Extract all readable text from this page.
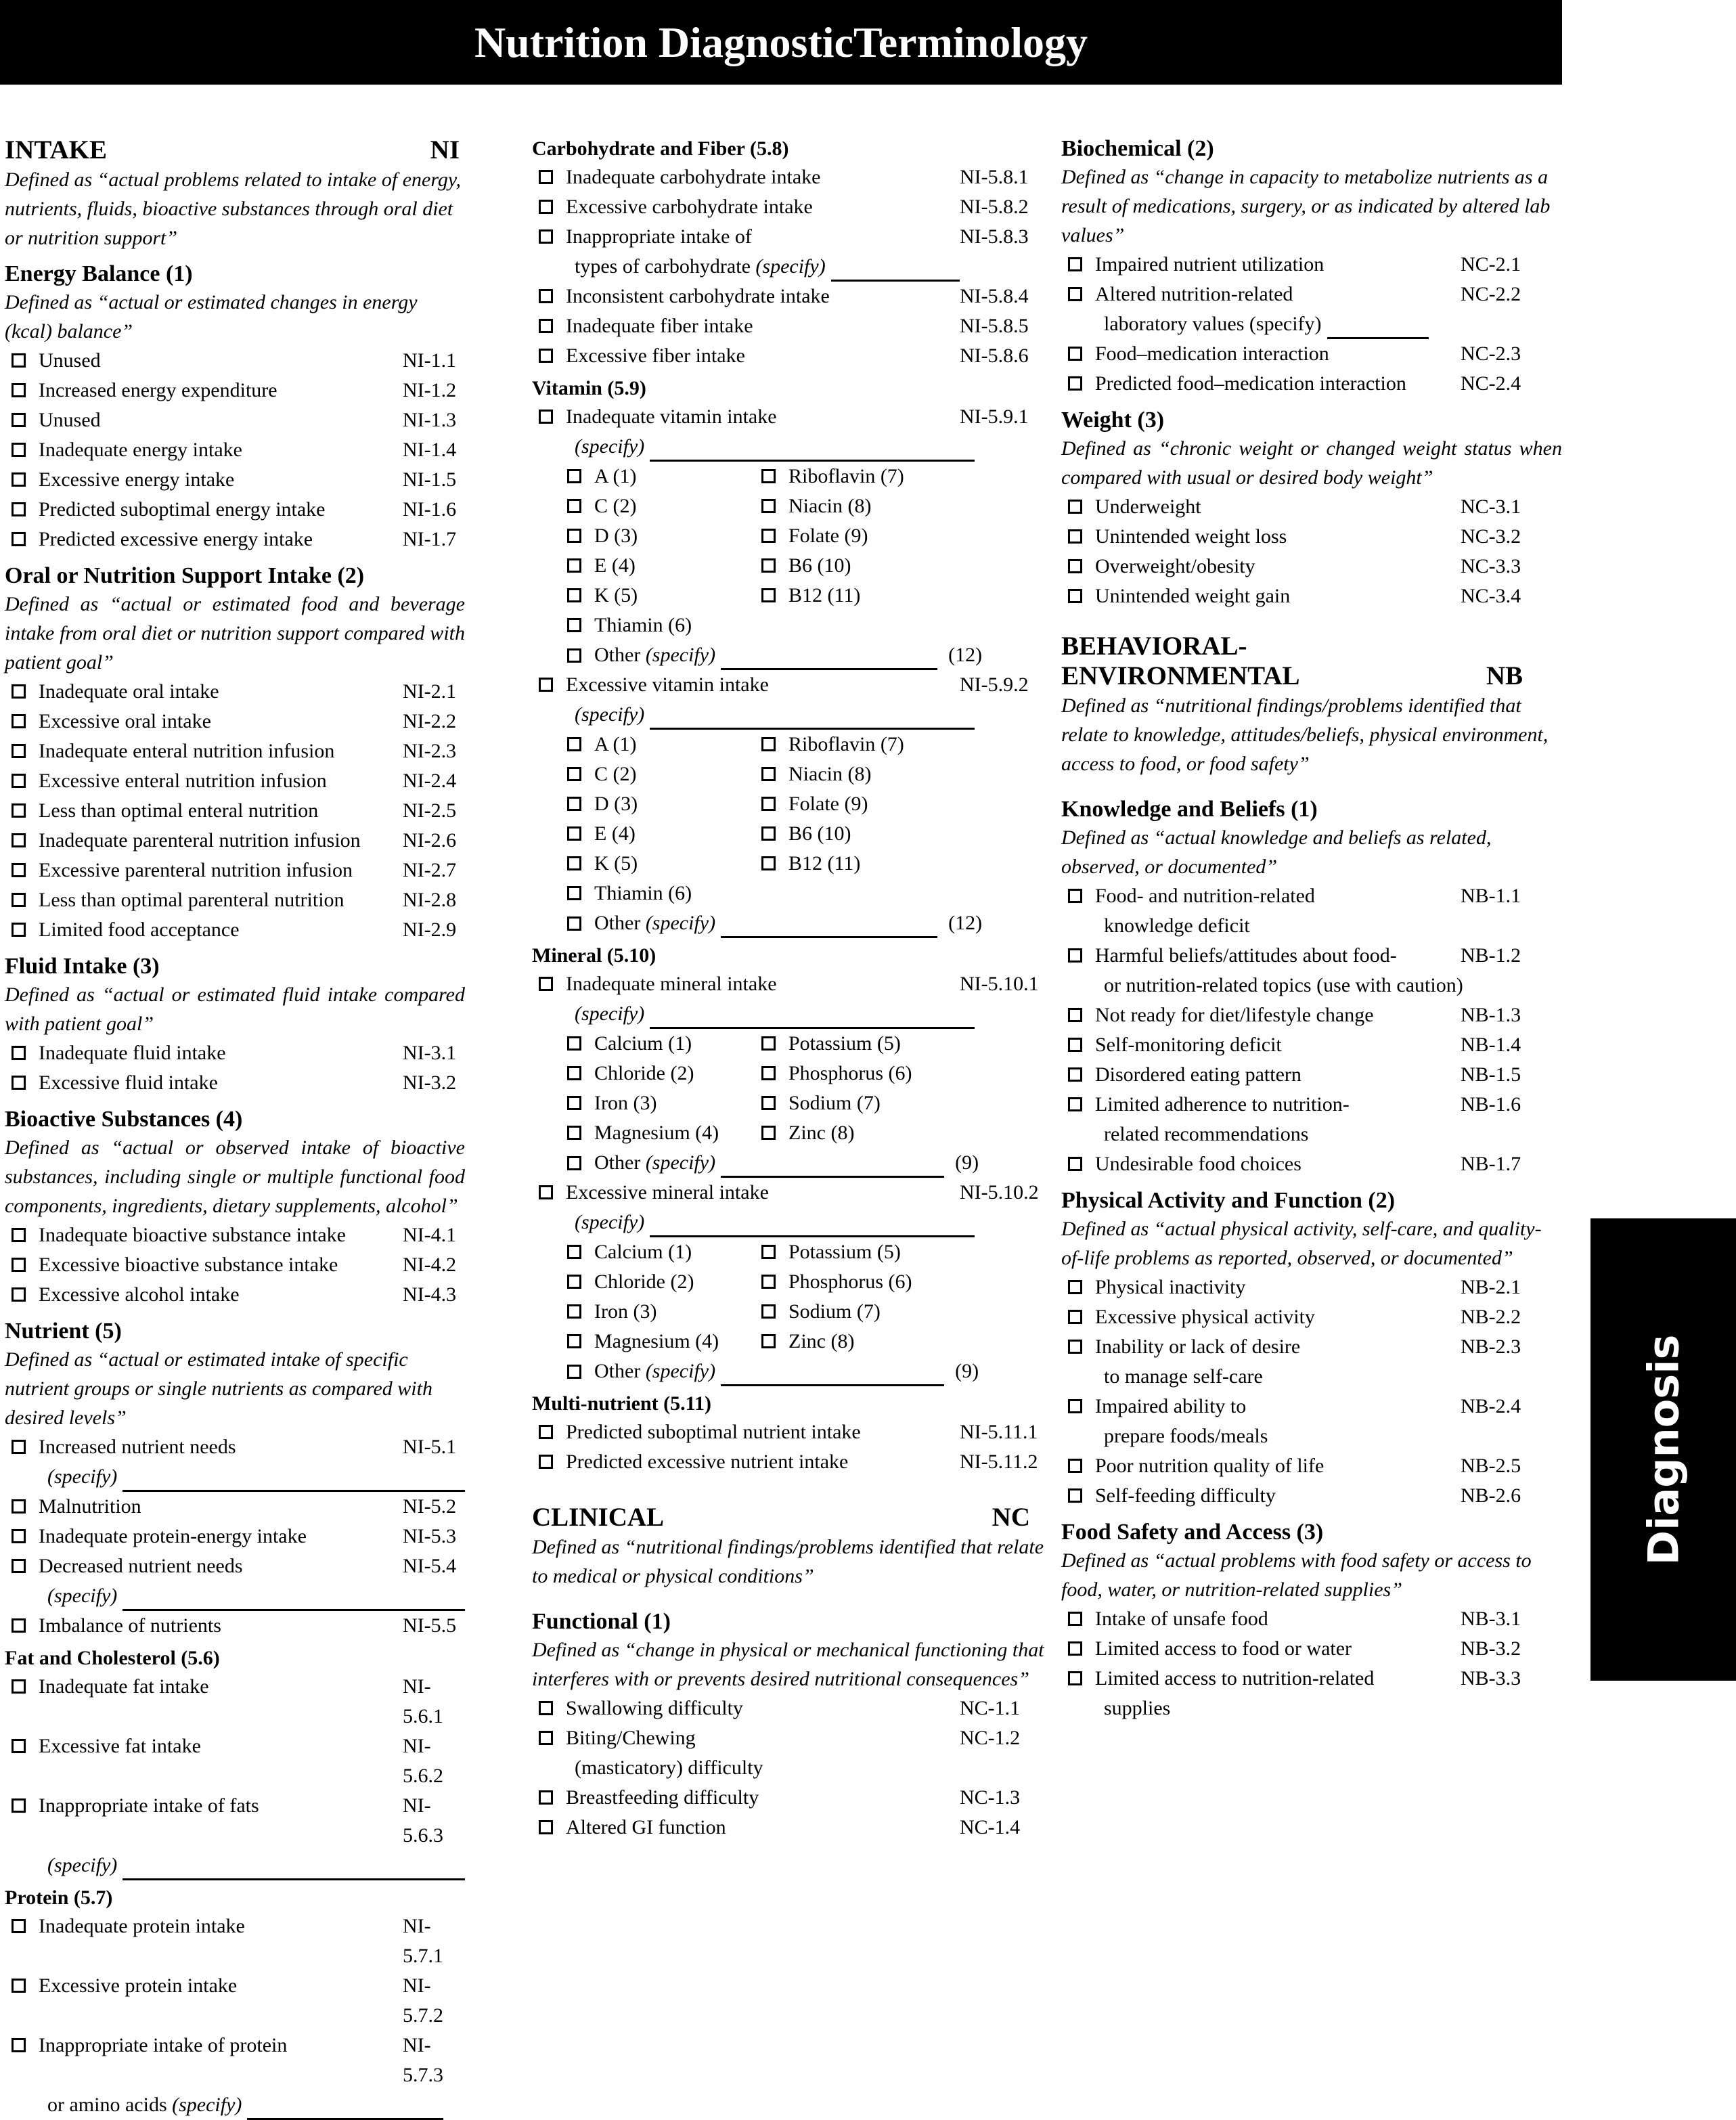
Nutrition DiagnosticTerminology
INTAKE	NI
Defined as “actual problems related to intake of energy, nutrients, fluids, bioactive substances through oral diet or nutrition support”
Energy Balance (1)
Defined as “actual or estimated changes in energy (kcal) balance”
Unused	NI-1.1
Increased energy expenditure	NI-1.2
Unused	NI-1.3
Inadequate energy intake	NI-1.4
Excessive energy intake	NI-1.5
Predicted suboptimal energy intake	NI-1.6
Predicted excessive energy intake	NI-1.7
Oral or Nutrition Support Intake (2)
Defined as “actual or estimated food and beverage intake from oral diet or nutrition support compared with patient goal”
Inadequate oral intake	NI-2.1
Excessive oral intake	NI-2.2
Inadequate enteral nutrition infusion	NI-2.3
Excessive enteral nutrition infusion	NI-2.4
Less than optimal enteral nutrition	NI-2.5
Inadequate parenteral nutrition infusion	NI-2.6
Excessive parenteral nutrition infusion	NI-2.7
Less than optimal parenteral nutrition	NI-2.8
Limited food acceptance	NI-2.9
Fluid Intake (3)
Defined as “actual or estimated fluid intake compared with patient goal”
Inadequate fluid intake	NI-3.1
Excessive fluid intake	NI-3.2
Bioactive Substances (4)
Defined as “actual or observed intake of bioactive substances, including single or multiple functional food components, ingredients, dietary supplements, alcohol”
Inadequate bioactive substance intake	NI-4.1
Excessive bioactive substance intake	NI-4.2
Excessive alcohol intake	NI-4.3
Nutrient (5)
Defined as “actual or estimated intake of specific nutrient groups or single nutrients as compared with desired levels”
Increased nutrient needs	NI-5.1
(specify)
Malnutrition	NI-5.2
Inadequate protein-energy intake	NI-5.3
Decreased nutrient needs	NI-5.4
(specify)
Imbalance of nutrients	NI-5.5
Fat and Cholesterol (5.6)
Inadequate fat intake	NI-5.6.1
Excessive fat intake	NI-5.6.2
Inappropriate intake of fats	NI-5.6.3
(specify)
Protein (5.7)
Inadequate protein intake	NI-5.7.1
Excessive protein intake	NI-5.7.2
Inappropriate intake of protein	NI-5.7.3
or amino acids
(specify)
Carbohydrate and Fiber (5.8)
Inadequate carbohydrate intake	NI-5.8.1
Excessive carbohydrate intake	NI-5.8.2
Inappropriate intake of	NI-5.8.3
types of carbohydrate
(specify)
Inconsistent carbohydrate intake	NI-5.8.4
Inadequate fiber intake	NI-5.8.5
Excessive fiber intake	NI-5.8.6
Vitamin (5.9)
Inadequate vitamin intake	NI-5.9.1
(specify)
A (1)	Riboflavin (7)
C (2)	Niacin (8)
D (3)	Folate (9)
E (4)	B6 (10)
K (5)	B12 (11)
Thiamin (6)
Other
(specify)	(12)
Excessive vitamin intake	NI-5.9.2
(specify)
A (1)	Riboflavin (7)
C (2)	Niacin (8)
D (3)	Folate (9)
E (4)	B6 (10)
K (5)	B12 (11)
Thiamin (6)
Other
(specify)	(12)
Mineral (5.10)
Inadequate mineral intake	NI-5.10.1
(specify)
Calcium (1)	Potassium (5)
Chloride (2)	Phosphorus (6)
Iron (3)	Sodium (7)
Magnesium (4)	Zinc (8)
Other
(specify)	(9)
Excessive mineral intake	NI-5.10.2
(specify)
Calcium (1)	Potassium (5)
Chloride (2)	Phosphorus (6)
Iron (3)	Sodium (7)
Magnesium (4)	Zinc (8)
Other
(specify)	(9)
Multi-nutrient (5.11)
Predicted suboptimal nutrient intake	NI-5.11.1
Predicted excessive nutrient intake	NI-5.11.2
CLINICAL	NC
Defined as “nutritional findings/problems identified that relate to medical or physical conditions”
Functional (1)
Defined as “change in physical or mechanical functioning that interferes with or prevents desired nutritional consequences”
Swallowing difficulty	NC-1.1
Biting/Chewing	NC-1.2
(masticatory) difficulty
Breastfeeding difficulty	NC-1.3
Altered GI function	NC-1.4
Biochemical (2)
Defined as “change in capacity to metabolize nutrients as a result of medications, surgery, or as indicated by altered lab values”
Impaired nutrient utilization	NC-2.1
Altered nutrition-related	NC-2.2
laboratory values (specify)
Food–medication interaction	NC-2.3
Predicted food–medication interaction	NC-2.4
Weight (3)
Defined as “chronic weight or changed weight status when compared with usual or desired body weight”
Underweight	NC-3.1
Unintended weight loss	NC-3.2
Overweight/obesity	NC-3.3
Unintended weight gain	NC-3.4
BEHAVIORAL-
ENVIRONMENTAL	NB
Defined as “nutritional findings/problems identified that relate to knowledge, attitudes/beliefs, physical environment, access to food, or food safety”
Knowledge and Beliefs (1)
Defined as “actual knowledge and beliefs as related, observed, or documented”
Food- and nutrition-related	NB-1.1
knowledge deficit
Harmful beliefs/attitudes about food-	NB-1.2
or nutrition-related topics (use with caution)
Not ready for diet/lifestyle change	NB-1.3
Self-monitoring deficit	NB-1.4
Disordered eating pattern	NB-1.5
Limited adherence to nutrition-	NB-1.6
related recommendations
Undesirable food choices	NB-1.7
Physical Activity and Function (2)
Defined as “actual physical activity, self-care, and quality-of-life problems as reported, observed, or documented”
Physical inactivity	NB-2.1
Excessive physical activity	NB-2.2
Inability or lack of desire	NB-2.3
to manage self-care
Impaired ability to	NB-2.4
prepare foods/meals
Poor nutrition quality of life	NB-2.5
Self-feeding difficulty	NB-2.6
Food Safety and Access (3)
Defined as “actual problems with food safety or access to food, water, or nutrition-related supplies”
Intake of unsafe food	NB-3.1
Limited access to food or water	NB-3.2
Limited access to nutrition-related	NB-3.3
supplies
Diagnosis
